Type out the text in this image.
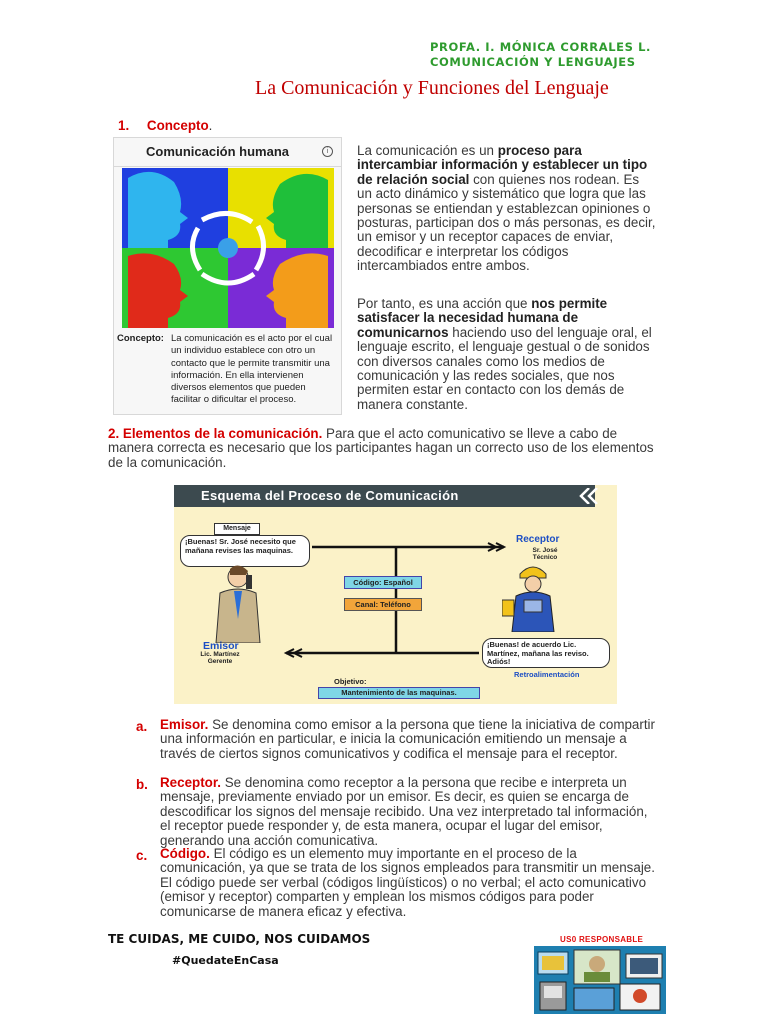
PROFA. I. MÓNICA CORRALES L.
COMUNICACIÓN Y LENGUAJES
La Comunicación y Funciones del Lenguaje
1. Concepto.
Comunicación humana	i
Concepto: La comunicación es el acto por el cual un individuo establece con otro un contacto que le permite transmitir una información. En ella intervienen diversos elementos que pueden facilitar o dificultar el proceso.
La comunicación es un proceso para intercambiar información y establecer un tipo de relación social con quienes nos rodean. Es un acto dinámico y sistemático que logra que las personas se entiendan y establezcan opiniones o posturas, participan dos o más personas, es decir, un emisor y un receptor capaces de enviar, decodificar e interpretar los códigos intercambiados entre ambos.
Por tanto, es una acción que nos permite satisfacer la necesidad humana de comunicarnos haciendo uso del lenguaje oral, el lenguaje escrito, el lenguaje gestual o de sonidos con diversos canales como los medios de comunicación y las redes sociales, que nos permiten estar en contacto con los demás de manera constante.
2. Elementos de la comunicación. Para que el acto comunicativo se lleve a cabo de manera correcta es necesario que los participantes hagan un correcto uso de los elementos de la comunicación.
Esquema del Proceso de Comunicación
Mensaje
¡Buenas! Sr. José necesito que mañana revises las maquinas.
Receptor
Sr. José Técnico
Código: Español
Canal: Teléfono
Emisor
Lic. Martínez Gerente
¡Buenas! de acuerdo Lic. Martínez, mañana las reviso. Adiós!
Retroalimentación
Objetivo:
Mantenimiento de las maquinas.
a. Emisor. Se denomina como emisor a la persona que tiene la iniciativa de compartir una información en particular, e inicia la comunicación emitiendo un mensaje a través de ciertos signos comunicativos y codifica el mensaje para el receptor.
b. Receptor. Se denomina como receptor a la persona que recibe e interpreta un mensaje, previamente enviado por un emisor. Es decir, es quien se encarga de descodificar los signos del mensaje recibido. Una vez interpretado tal información, el receptor puede responder y, de esta manera, ocupar el lugar del emisor, generando una acción comunicativa.
c. Código. El código es un elemento muy importante en el proceso de la comunicación, ya que se trata de los signos empleados para transmitir un mensaje. El código puede ser verbal (códigos lingüísticos) o no verbal; el acto comunicativo (emisor y receptor) comparten y emplean los mismos códigos para poder comunicarse de manera eficaz y efectiva.
TE CUIDAS, ME CUIDO, NOS CUIDAMOS
#QuedateEnCasa
US0 RESPONSABLE
